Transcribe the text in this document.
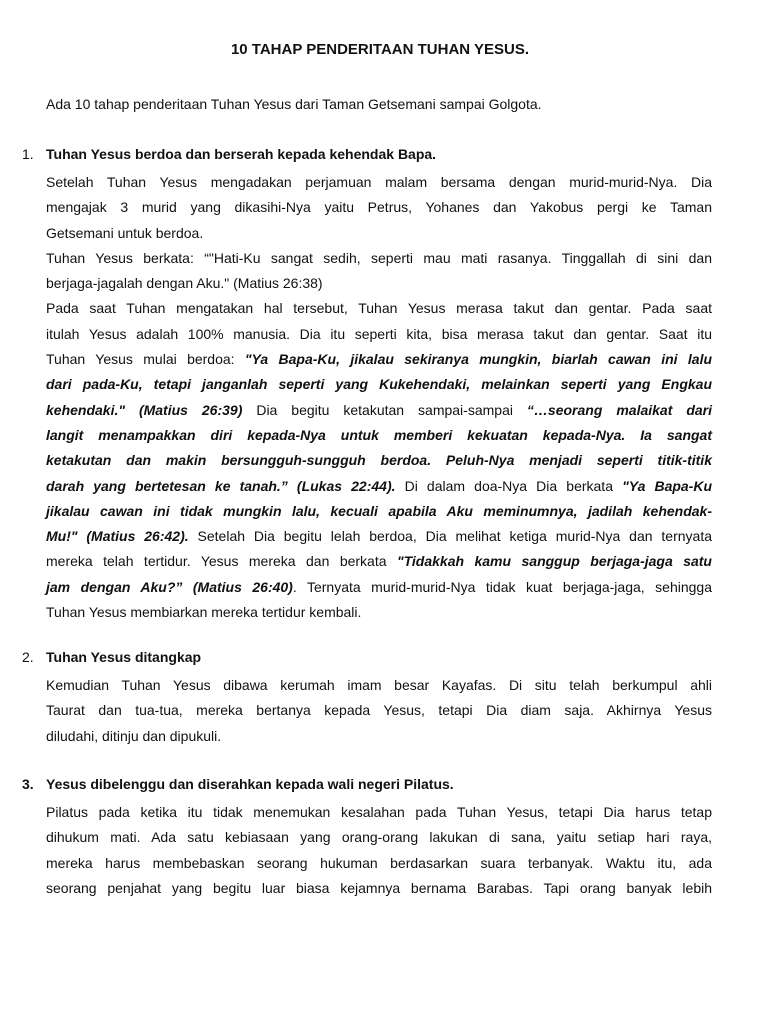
10 TAHAP PENDERITAAN TUHAN YESUS.
Ada 10 tahap penderitaan Tuhan Yesus dari Taman Getsemani sampai Golgota.
1. Tuhan Yesus berdoa dan berserah kepada kehendak Bapa.
Setelah Tuhan Yesus mengadakan perjamuan malam bersama dengan murid-murid-Nya. Dia
mengajak 3 murid yang dikasihi-Nya yaitu Petrus, Yohanes dan Yakobus pergi ke Taman
Getsemani untuk berdoa.
Tuhan Yesus berkata: “"Hati-Ku sangat sedih, seperti mau mati rasanya. Tinggallah di sini dan
berjaga-jagalah dengan Aku." (Matius 26:38)
Pada saat Tuhan mengatakan hal tersebut, Tuhan Yesus merasa takut dan gentar. Pada saat
itulah Yesus adalah 100% manusia. Dia itu seperti kita, bisa merasa takut dan gentar. Saat itu
Tuhan Yesus mulai berdoa: "Ya Bapa-Ku, jikalau sekiranya mungkin, biarlah cawan ini lalu
dari pada-Ku, tetapi janganlah seperti yang Kukehendaki, melainkan seperti yang Engkau
kehendaki." (Matius 26:39) Dia begitu ketakutan sampai-sampai “…seorang malaikat dari
langit menampakkan diri kepada-Nya untuk memberi kekuatan kepada-Nya. Ia sangat
ketakutan dan makin bersungguh-sungguh berdoa. Peluh-Nya menjadi seperti titik-titik
darah yang bertetesan ke tanah.” (Lukas 22:44). Di dalam doa-Nya Dia berkata "Ya Bapa-Ku
jikalau cawan ini tidak mungkin lalu, kecuali apabila Aku meminumnya, jadilah kehendak-
Mu!" (Matius 26:42). Setelah Dia begitu lelah berdoa, Dia melihat ketiga murid-Nya dan ternyata
mereka telah tertidur. Yesus mereka dan berkata "Tidakkah kamu sanggup berjaga-jaga satu
jam dengan Aku?” (Matius 26:40). Ternyata murid-murid-Nya tidak kuat berjaga-jaga, sehingga
Tuhan Yesus membiarkan mereka tertidur kembali.
2. Tuhan Yesus ditangkap
Kemudian Tuhan Yesus dibawa kerumah imam besar Kayafas. Di situ telah berkumpul ahli
Taurat dan tua-tua, mereka bertanya kepada Yesus, tetapi Dia diam saja. Akhirnya Yesus
diludahi, ditinju dan dipukuli.
3. Yesus dibelenggu dan diserahkan kepada wali negeri Pilatus.
Pilatus pada ketika itu tidak menemukan kesalahan pada Tuhan Yesus, tetapi Dia harus tetap
dihukum mati. Ada satu kebiasaan yang orang-orang lakukan di sana, yaitu setiap hari raya,
mereka harus membebaskan seorang hukuman berdasarkan suara terbanyak. Waktu itu, ada
seorang penjahat yang begitu luar biasa kejamnya bernama Barabas. Tapi orang banyak lebih
